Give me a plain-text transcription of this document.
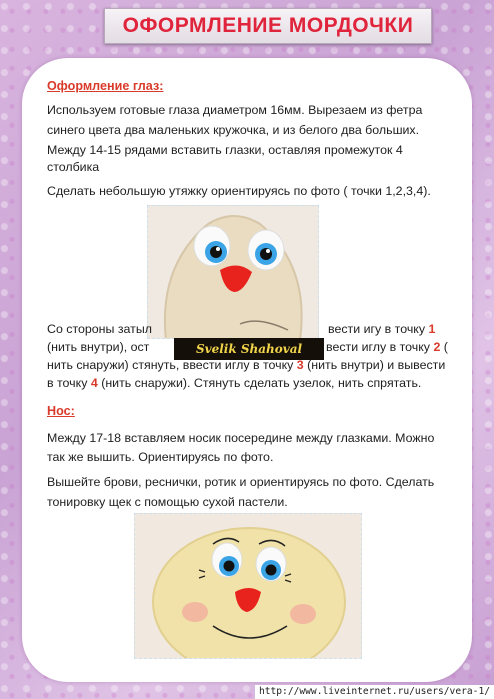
ОФОРМЛЕНИЕ МОРДОЧКИ
Оформление глаз:
Используем готовые глаза диаметром 16мм. Вырезаем из фетра
синего цвета два маленьких кружочка, и из белого два больших.
Между 14-15 рядами вставить глазки, оставляя промежуток 4
столбика
Сделать небольшую утяжку ориентируясь по фото ( точки 1,2,3,4).
Svelik Shahoval
Со стороны затыл	вести игу в точку 1
(нить внутри), ост	вести иглу в точку 2 (
нить снаружи) стянуть, ввести иглу в точку 3 (нить внутри) и вывести
в точку 4 (нить снаружи). Стянуть сделать узелок, нить спрятать.
Нос:
Между 17-18 вставляем носик посередине между глазками. Можно
так же вышить. Ориентируясь по фото.
Вышейте брови, реснички, ротик и ориентируясь по фото. Сделать
тонировку щек с помощью сухой пастели.
http://www.liveinternet.ru/users/vera-1/
